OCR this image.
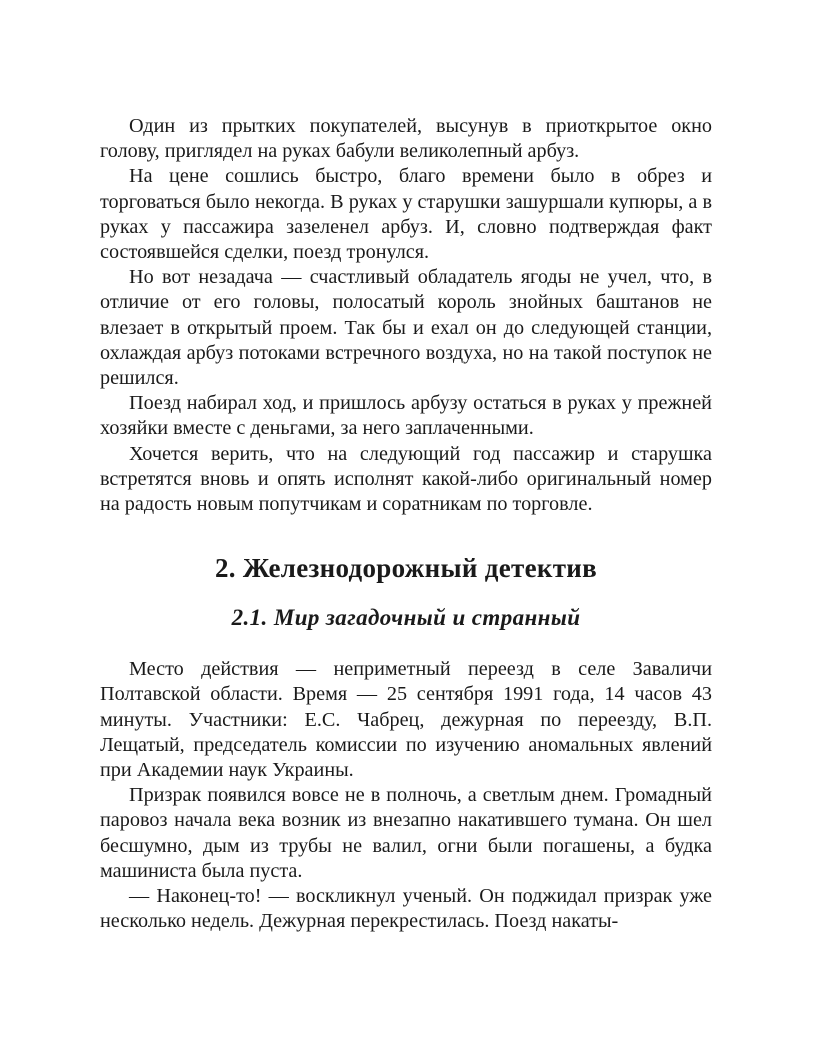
Один из прытких покупателей, высунув в приоткрытое окно голову, приглядел на руках бабули великолепный арбуз.

На цене сошлись быстро, благо времени было в обрез и торговаться было некогда. В руках у старушки зашуршали купюры, а в руках у пассажира зазеленел арбуз. И, словно подтверждая факт состоявшейся сделки, поезд тронулся.

Но вот незадача — счастливый обладатель ягоды не учел, что, в отличие от его головы, полосатый король знойных баштанов не влезает в открытый проем. Так бы и ехал он до следующей станции, охлаждая арбуз потоками встречного воздуха, но на такой поступок не решился.

Поезд набирал ход, и пришлось арбузу остаться в руках у прежней хозяйки вместе с деньгами, за него заплаченными.

Хочется верить, что на следующий год пассажир и старушка встретятся вновь и опять исполнят какой-либо оригинальный номер на радость новым попутчикам и соратникам по торговле.

2. Железнодорожный детектив
2.1. Мир загадочный и странный

Место действия — неприметный переезд в селе Заваличи Полтавской области. Время — 25 сентября 1991 года, 14 часов 43 минуты. Участники: Е.С. Чабрец, дежурная по переезду, В.П. Лещатый, председатель комиссии по изучению аномальных явлений при Академии наук Украины.

Призрак появился вовсе не в полночь, а светлым днем. Громадный паровоз начала века возник из внезапно накатившего тумана. Он шел бесшумно, дым из трубы не валил, огни были погашены, а будка машиниста была пуста.

— Наконец-то! — воскликнул ученый. Он поджидал призрак уже несколько недель. Дежурная перекрестилась. Поезд накаты-
